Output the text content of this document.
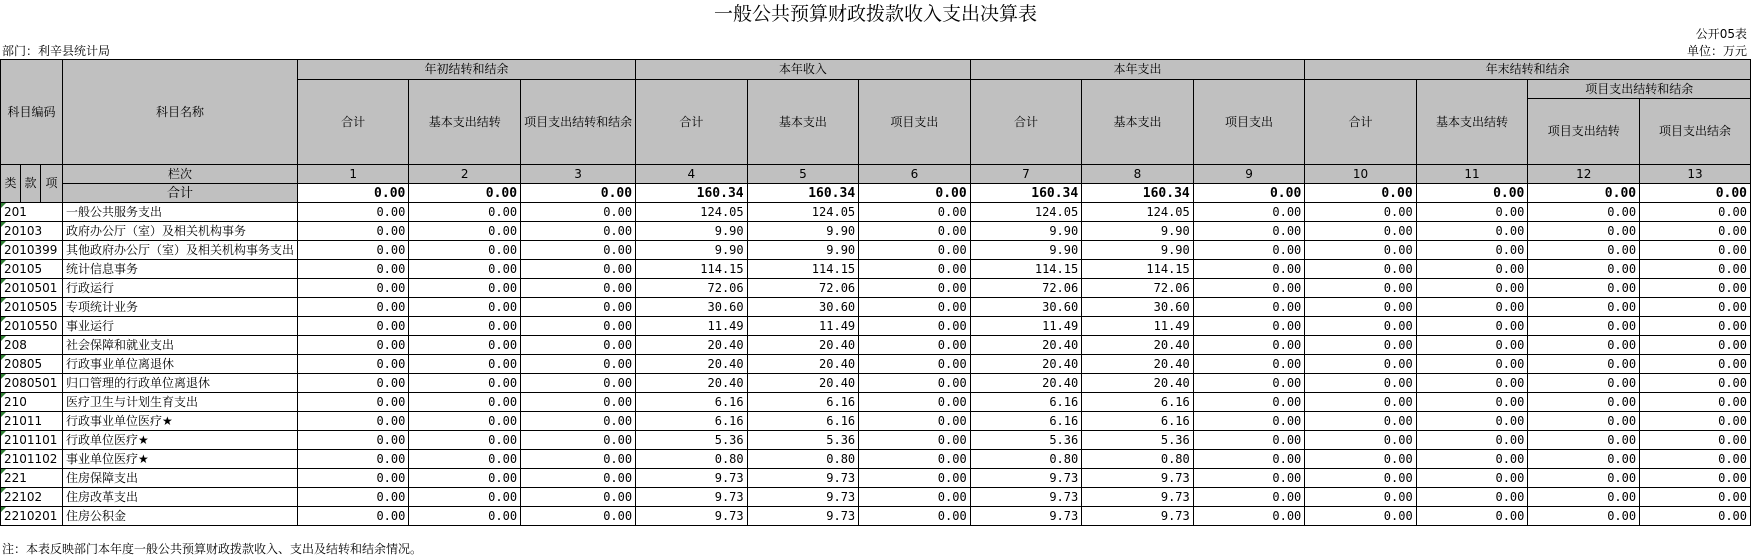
一般公共预算财政拨款收入支出决算表
公开05表
部门：利辛县统计局	单位：万元
科目编码			科目名称	年初结转和结余			本年收入			本年支出			年末结转和结余			
				合计	基本支出结转	项目支出结转和结余	合计	基本支出	项目支出	合计	基本支出	项目支出	合计	基本支出结转	项目支出结转和结余	
															项目支出结转	项目支出结余
类	款	项	栏次	1	2	3	4	5	6	7	8	9	10	11	12	13
			合计	0.00	0.00	0.00	160.34	160.34	0.00	160.34	160.34	0.00	0.00	0.00	0.00	0.00
201			一般公共服务支出	0.00	0.00	0.00	124.05	124.05	0.00	124.05	124.05	0.00	0.00	0.00	0.00	0.00
20103			政府办公厅（室）及相关机构事务	0.00	0.00	0.00	9.90	9.90	0.00	9.90	9.90	0.00	0.00	0.00	0.00	0.00
2010399			其他政府办公厅（室）及相关机构事务支出	0.00	0.00	0.00	9.90	9.90	0.00	9.90	9.90	0.00	0.00	0.00	0.00	0.00
20105			统计信息事务	0.00	0.00	0.00	114.15	114.15	0.00	114.15	114.15	0.00	0.00	0.00	0.00	0.00
2010501			行政运行	0.00	0.00	0.00	72.06	72.06	0.00	72.06	72.06	0.00	0.00	0.00	0.00	0.00
2010505			专项统计业务	0.00	0.00	0.00	30.60	30.60	0.00	30.60	30.60	0.00	0.00	0.00	0.00	0.00
2010550			事业运行	0.00	0.00	0.00	11.49	11.49	0.00	11.49	11.49	0.00	0.00	0.00	0.00	0.00
208			社会保障和就业支出	0.00	0.00	0.00	20.40	20.40	0.00	20.40	20.40	0.00	0.00	0.00	0.00	0.00
20805			行政事业单位离退休	0.00	0.00	0.00	20.40	20.40	0.00	20.40	20.40	0.00	0.00	0.00	0.00	0.00
2080501			归口管理的行政单位离退休	0.00	0.00	0.00	20.40	20.40	0.00	20.40	20.40	0.00	0.00	0.00	0.00	0.00
210			医疗卫生与计划生育支出	0.00	0.00	0.00	6.16	6.16	0.00	6.16	6.16	0.00	0.00	0.00	0.00	0.00
21011			行政事业单位医疗★	0.00	0.00	0.00	6.16	6.16	0.00	6.16	6.16	0.00	0.00	0.00	0.00	0.00
2101101			行政单位医疗★	0.00	0.00	0.00	5.36	5.36	0.00	5.36	5.36	0.00	0.00	0.00	0.00	0.00
2101102			事业单位医疗★	0.00	0.00	0.00	0.80	0.80	0.00	0.80	0.80	0.00	0.00	0.00	0.00	0.00
221			住房保障支出	0.00	0.00	0.00	9.73	9.73	0.00	9.73	9.73	0.00	0.00	0.00	0.00	0.00
22102			住房改革支出	0.00	0.00	0.00	9.73	9.73	0.00	9.73	9.73	0.00	0.00	0.00	0.00	0.00
2210201			住房公积金	0.00	0.00	0.00	9.73	9.73	0.00	9.73	9.73	0.00	0.00	0.00	0.00	0.00
注：本表反映部门本年度一般公共预算财政拨款收入、支出及结转和结余情况。
